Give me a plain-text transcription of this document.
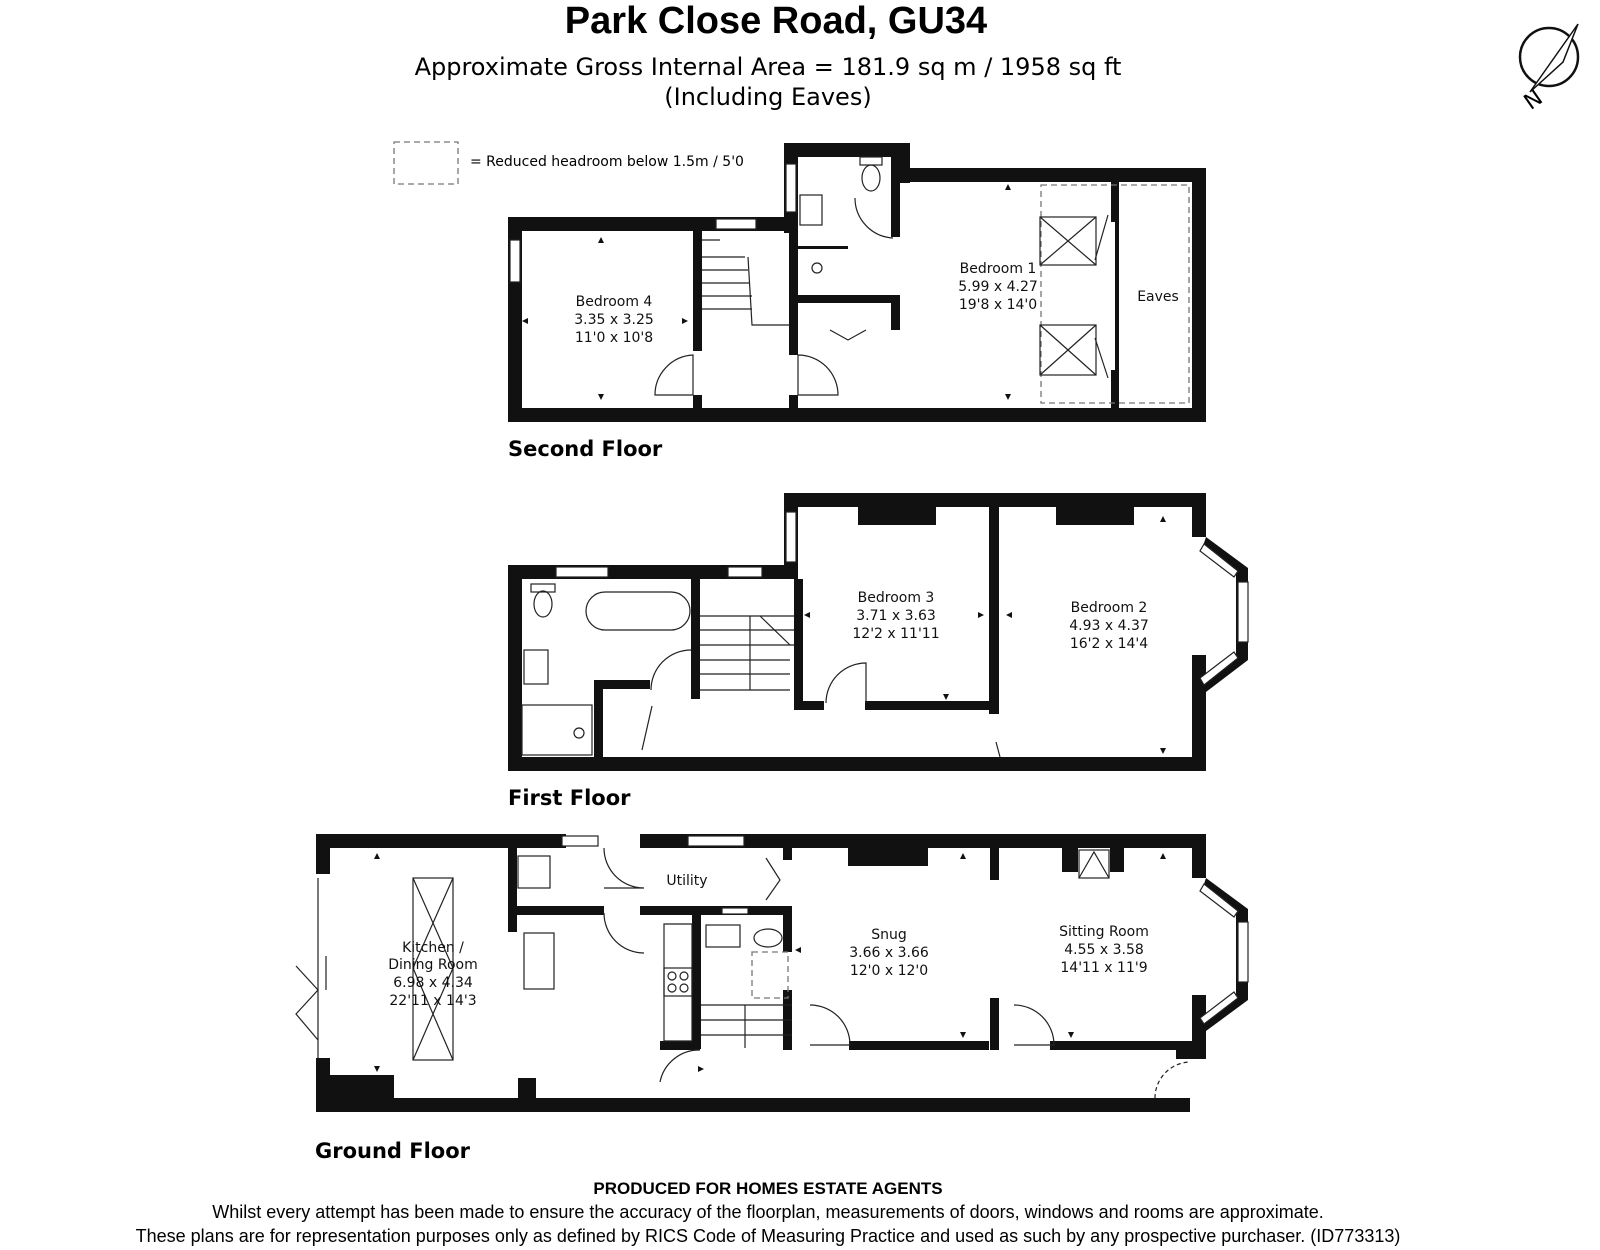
Park Close Road, GU34
Approximate Gross Internal Area = 181.9 sq m / 1958 sq ft
(Including Eaves)	N
= Reduced headroom below 1.5m / 5'0
Bedroom 4
3.35 x 3.25
11'0 x 10'8
Bedroom 1
5.99 x 4.27
19'8 x 14'0	Eaves
Second Floor
Bedroom 3
3.71 x 3.63
12'2 x 11'11
Bedroom 2
4.93 x 4.37
16'2 x 14'4
First Floor
Kitchen /
Dining Room
6.98 x 4.34
22'11 x 14'3
Utility
Snug
3.66 x 3.66
12'0 x 12'0
Sitting Room
4.55 x 3.58
14'11 x 11'9
Ground Floor
PRODUCED FOR HOMES ESTATE AGENTS
Whilst every attempt has been made to ensure the accuracy of the floorplan, measurements of doors, windows and rooms are approximate.
These plans are for representation purposes only as defined by RICS Code of Measuring Practice and used as such by any prospective purchaser. (ID773313)
